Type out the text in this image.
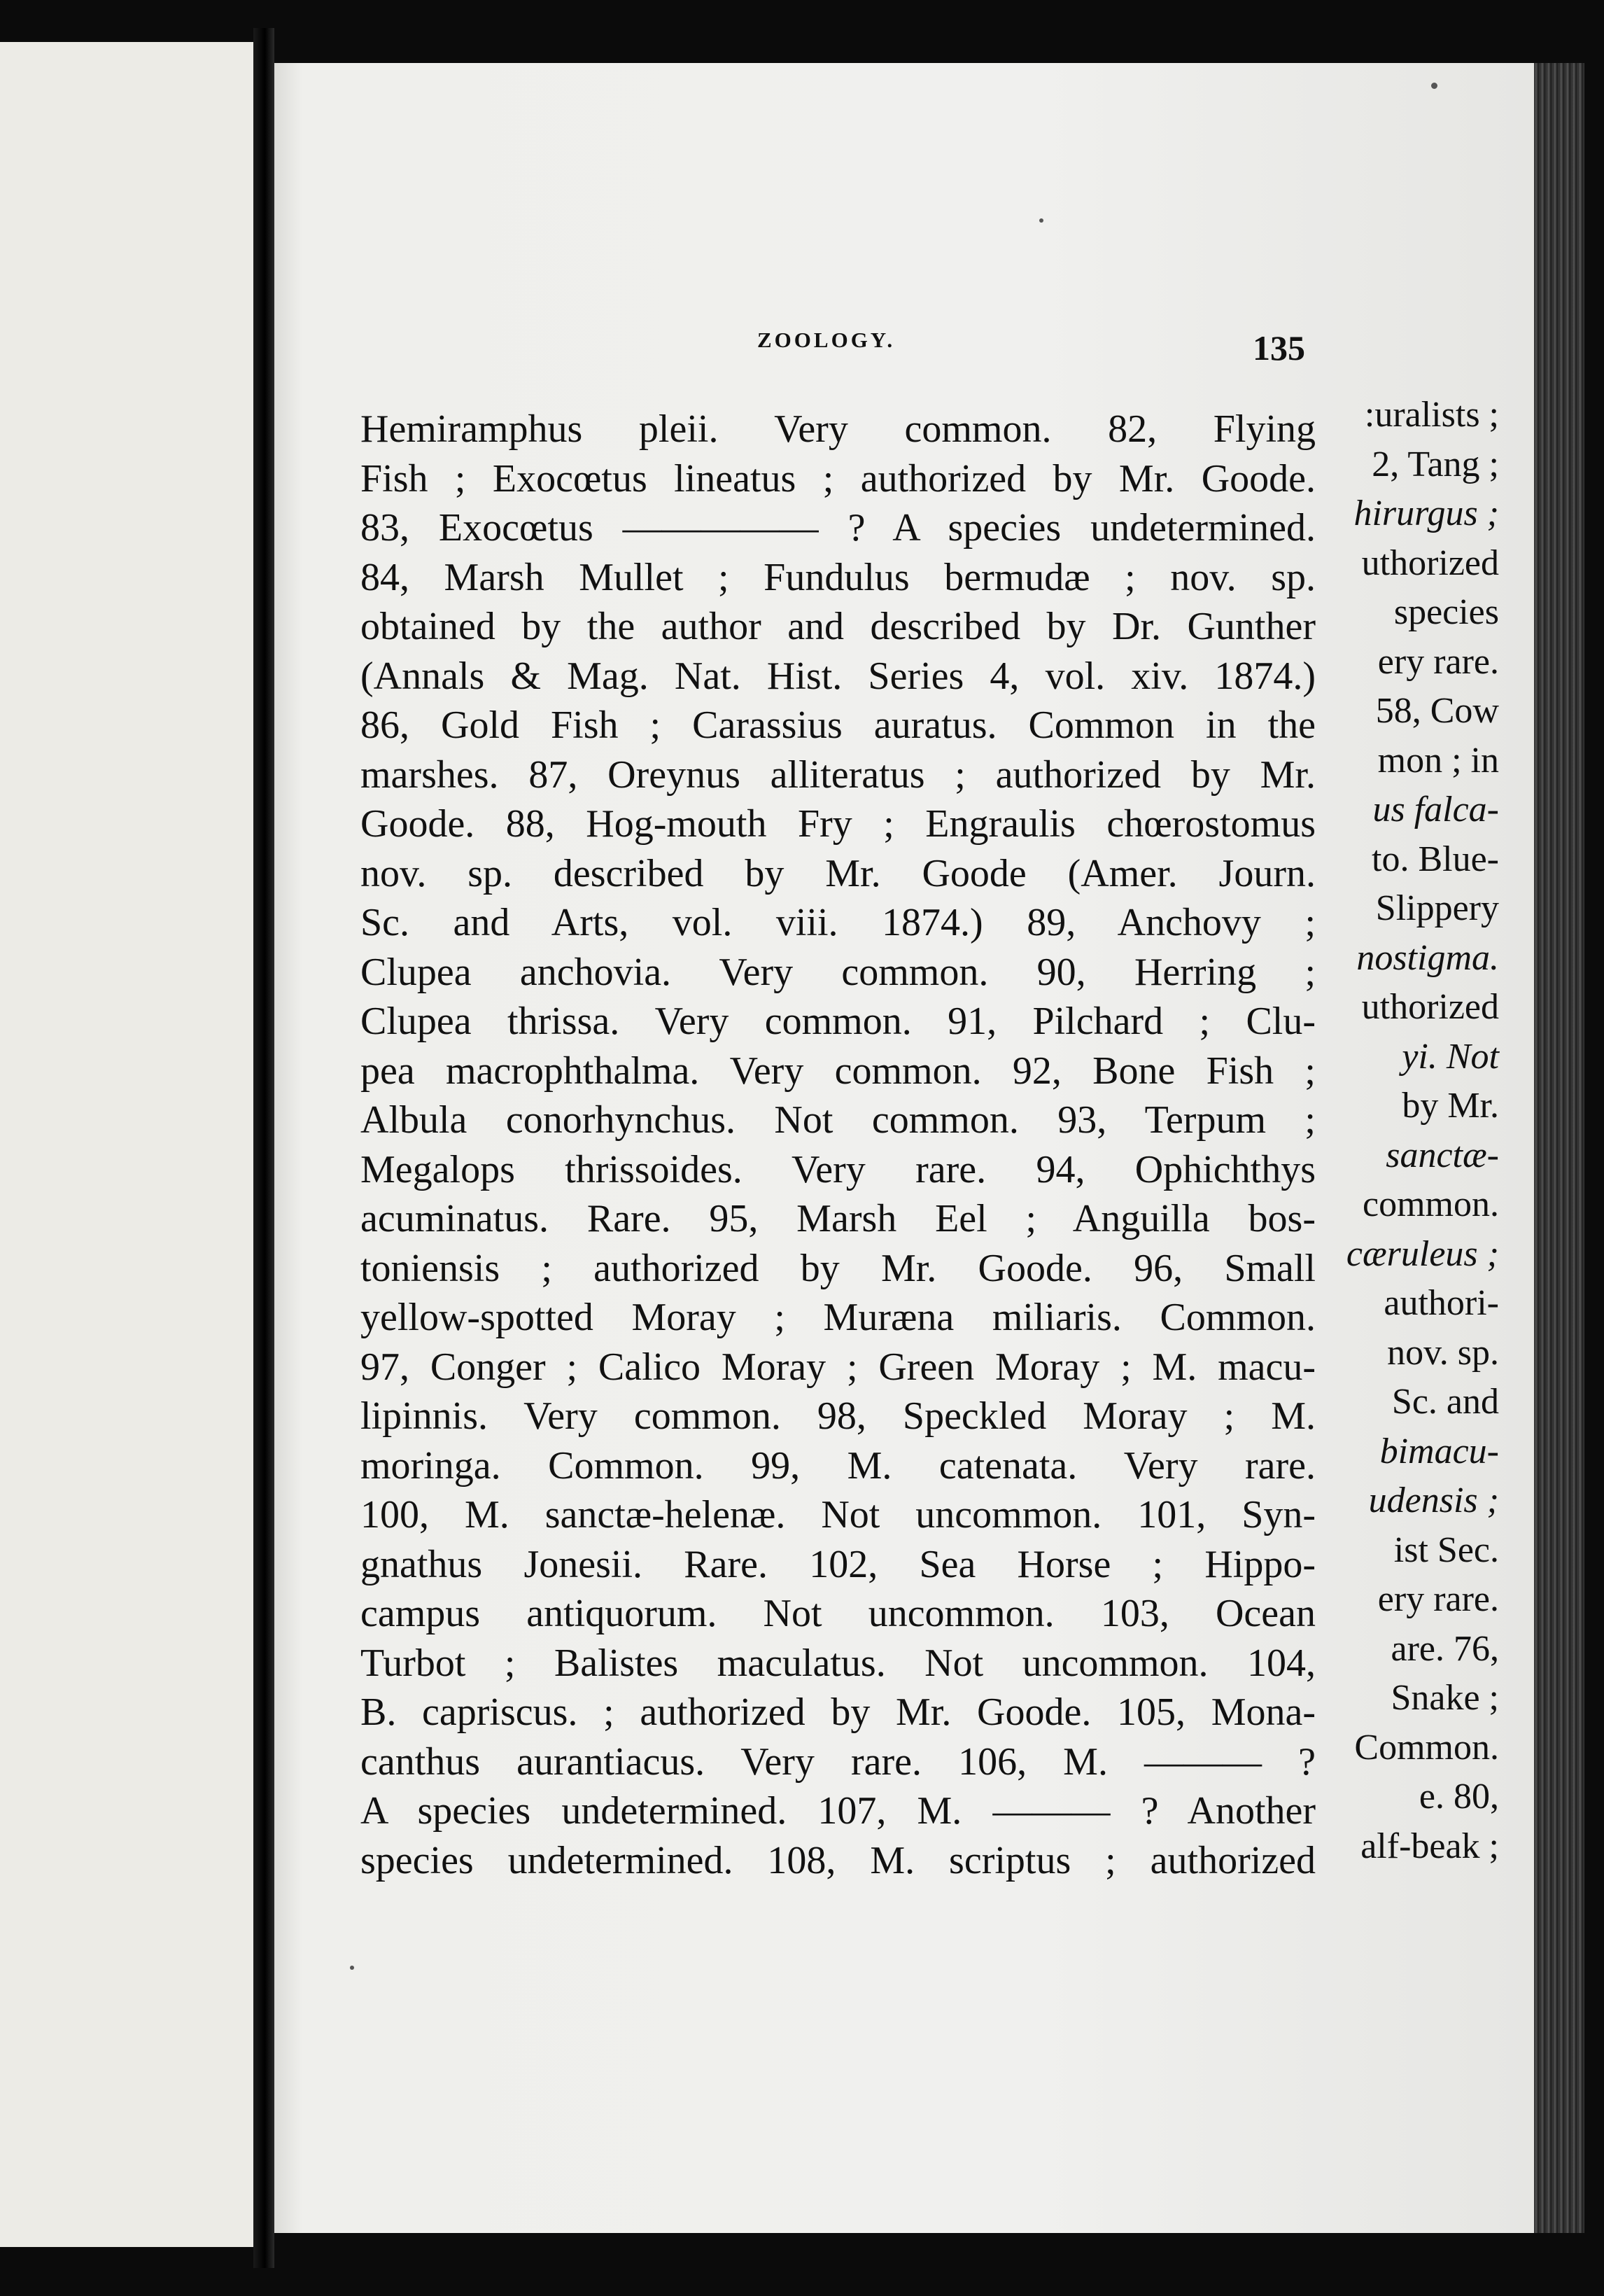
ZOOLOGY.	135
:uralists ;
2, Tang ;
hirurgus ;
uthorized
species
ery rare.
58, Cow
mon ; in
us falca-
to. Blue-
Slippery
nostigma.
uthorized
yi. Not
by Mr.
sanctæ-
common.
cæruleus ;
authori-
nov. sp.
Sc. and
bimacu-
udensis ;
ist Sec.
ery rare.
are. 76,
Snake ;
Common.
e. 80,
alf-beak ;
Hemiramphus pleii. Very common. 82, Flying
Fish ; Exocœtus lineatus ; authorized by Mr. Goode.
83, Exocœtus ————— ? A species undetermined.
84, Marsh Mullet ; Fundulus bermudæ ; nov. sp.
obtained by the author and described by Dr. Gunther
(Annals & Mag. Nat. Hist. Series 4, vol. xiv. 1874.)
86, Gold Fish ; Carassius auratus. Common in the
marshes. 87, Oreynus alliteratus ; authorized by Mr.
Goode. 88, Hog-mouth Fry ; Engraulis chœrostomus
nov. sp. described by Mr. Goode (Amer. Journ.
Sc. and Arts, vol. viii. 1874.) 89, Anchovy ;
Clupea anchovia. Very common. 90, Herring ;
Clupea thrissa. Very common. 91, Pilchard ; Clu-
pea macrophthalma. Very common. 92, Bone Fish ;
Albula conorhynchus. Not common. 93, Terpum ;
Megalops thrissoides. Very rare. 94, Ophichthys
acuminatus. Rare. 95, Marsh Eel ; Anguilla bos-
toniensis ; authorized by Mr. Goode. 96, Small
yellow-spotted Moray ; Muræna miliaris. Common.
97, Conger ; Calico Moray ; Green Moray ; M. macu-
lipinnis. Very common. 98, Speckled Moray ; M.
moringa. Common. 99, M. catenata. Very rare.
100, M. sanctæ-helenæ. Not uncommon. 101, Syn-
gnathus Jonesii. Rare. 102, Sea Horse ; Hippo-
campus antiquorum. Not uncommon. 103, Ocean
Turbot ; Balistes maculatus. Not uncommon. 104,
B. capriscus. ; authorized by Mr. Goode. 105, Mona-
canthus aurantiacus. Very rare. 106, M. ——— ?
A species undetermined. 107, M. ——— ? Another
species undetermined. 108, M. scriptus ; authorized
